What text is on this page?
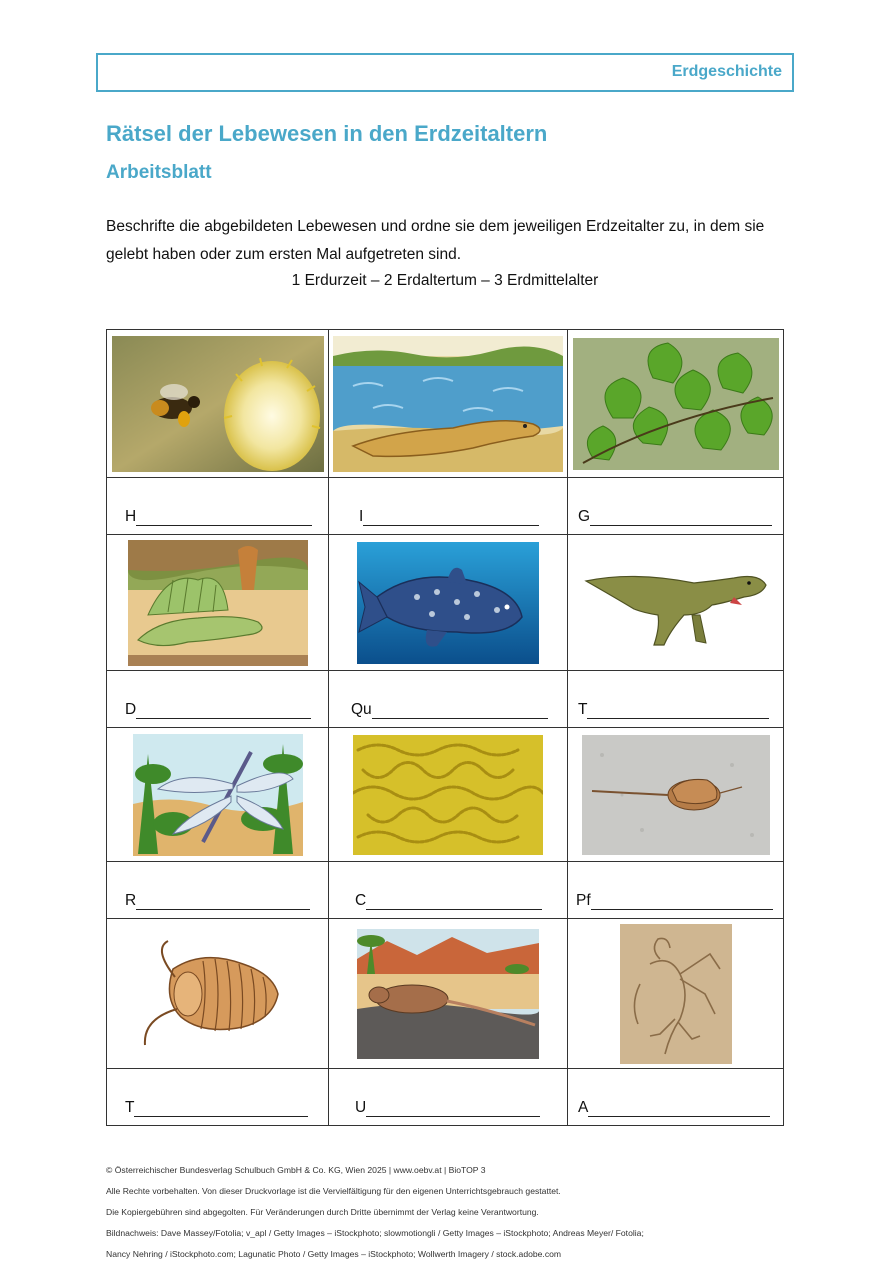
Erdgeschichte
Rätsel der Lebewesen in den Erdzeitaltern
Arbeitsblatt

Beschrifte die abgebildeten Lebewesen und ordne sie dem jeweiligen Erdzeitalter zu, in dem sie gelebt haben oder zum ersten Mal aufgetreten sind.

1 Erdurzeit – 2 Erdaltertum – 3 Erdmittelalter

H	I	G

D	Qu	T

R	C	Pf

T	U	A

© Österreichischer Bundesverlag Schulbuch GmbH & Co. KG, Wien 2025 | www.oebv.at | BioTOP 3

Alle Rechte vorbehalten. Von dieser Druckvorlage ist die Vervielfältigung für den eigenen Unterrichtsgebrauch gestattet.

Die Kopiergebühren sind abgegolten. Für Veränderungen durch Dritte übernimmt der Verlag keine Verantwortung.

Bildnachweis: Dave Massey/Fotolia; v_apl / Getty Images – iStockphoto; slowmotiongli / Getty Images – iStockphoto; Andreas Meyer/ Fotolia;

Nancy Nehring / iStockphoto.com; Lagunatic Photo / Getty Images – iStockphoto; Wollwerth Imagery / stock.adobe.com
